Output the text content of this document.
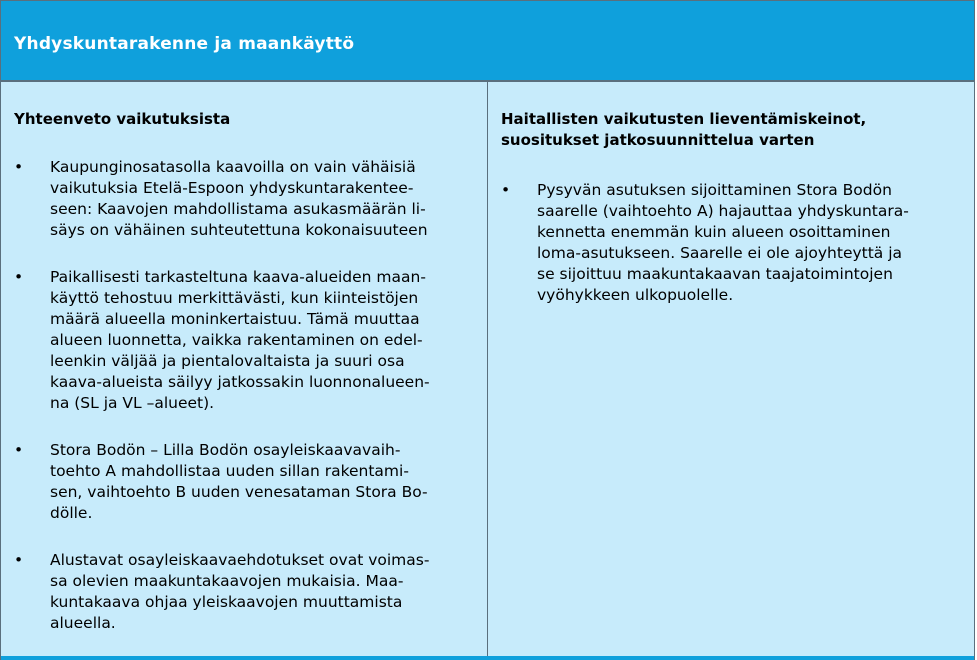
Yhdyskuntarakenne ja maankäyttö
Yhteenveto vaikutuksista
•	Kaupunginosatasolla kaavoilla on vain vähäisiä
vaikutuksia Etelä-Espoon yhdyskuntarakentee-
seen: Kaavojen mahdollistama asukasmäärän li-
säys on vähäinen suhteutettuna kokonaisuuteen
•	Paikallisesti tarkasteltuna kaava-alueiden maan-
käyttö tehostuu merkittävästi, kun kiinteistöjen
määrä alueella moninkertaistuu. Tämä muuttaa
alueen luonnetta, vaikka rakentaminen on edel-
leenkin väljää ja pientalovaltaista ja suuri osa
kaava-alueista säilyy jatkossakin luonnonalueen-
na (SL ja VL –alueet).
•	Stora Bodön – Lilla Bodön osayleiskaavavaih-
toehto A mahdollistaa uuden sillan rakentami-
sen, vaihtoehto B uuden venesataman Stora Bo-
dölle.
•	Alustavat osayleiskaavaehdotukset ovat voimas-
sa olevien maakuntakaavojen mukaisia. Maa-
kuntakaava ohjaa yleiskaavojen muuttamista
alueella.
Haitallisten vaikutusten lieventämiskeinot,
suositukset jatkosuunnittelua varten
•	Pysyvän asutuksen sijoittaminen Stora Bodön
saarelle (vaihtoehto A) hajauttaa yhdyskuntara-
kennetta enemmän kuin alueen osoittaminen
loma-asutukseen. Saarelle ei ole ajoyhteyttä ja
se sijoittuu maakuntakaavan taajatoimintojen
vyöhykkeen ulkopuolelle.
